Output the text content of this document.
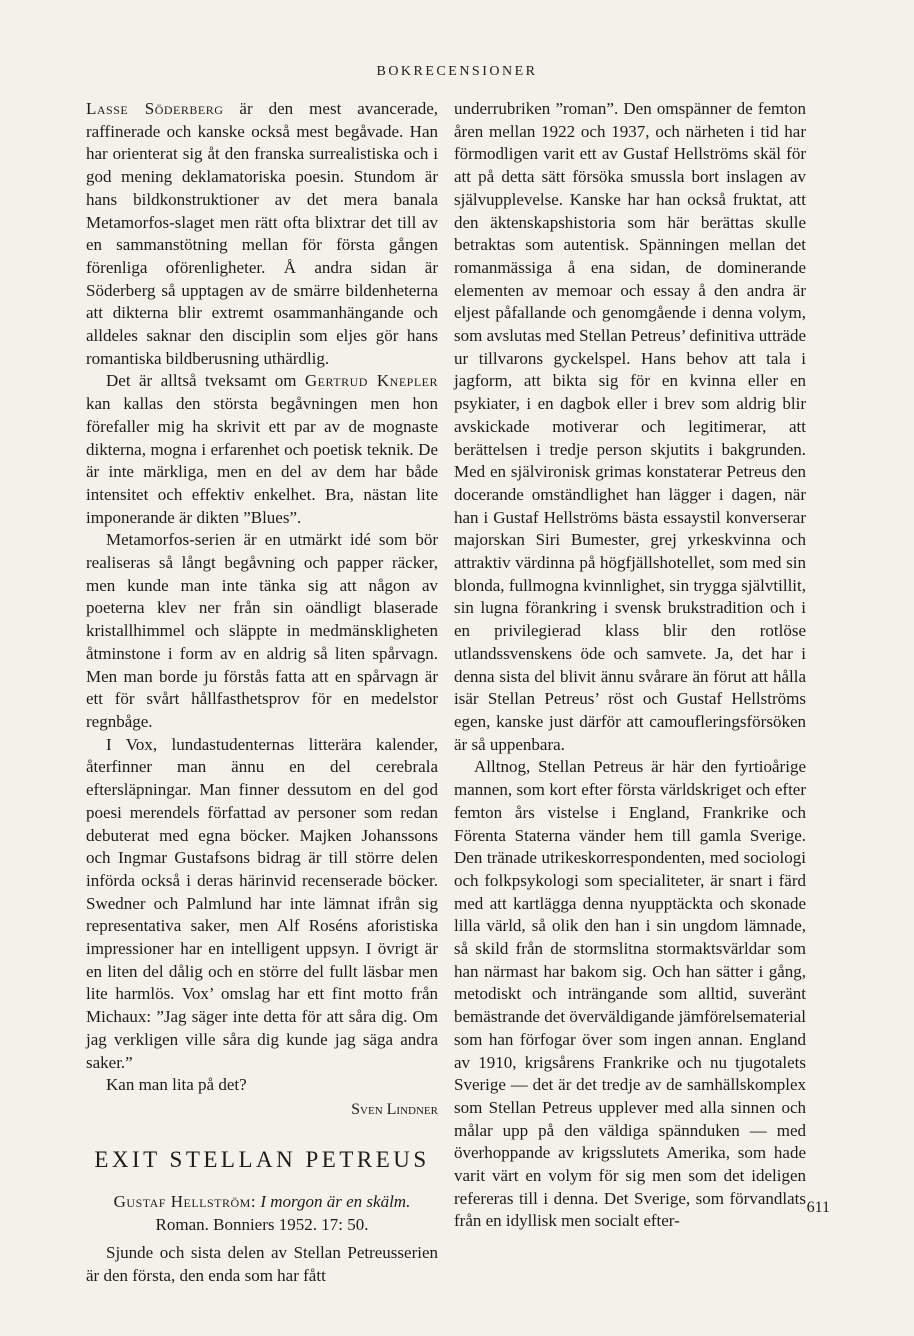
BOKRECENSIONER

Lasse Söderberg är den mest avancerade, raffinerade och kanske också mest begåvade. Han har orienterat sig åt den franska surrealistiska och i god mening deklamatoriska poesin. Stundom är hans bildkonstruktioner av det mera banala Metamorfos-slaget men rätt ofta blixtrar det till av en sammanstötning mellan för första gången förenliga oförenligheter. Å andra sidan är Söderberg så upptagen av de smärre bildenheterna att dikterna blir extremt osammanhängande och alldeles saknar den disciplin som eljes gör hans romantiska bildberusning uthärdlig.

Det är alltså tveksamt om Gertrud Knepler kan kallas den största begåvningen men hon förefaller mig ha skrivit ett par av de mognaste dikterna, mogna i erfarenhet och poetisk teknik. De är inte märkliga, men en del av dem har både intensitet och effektiv enkelhet. Bra, nästan lite imponerande är dikten ”Blues”.

Metamorfos-serien är en utmärkt idé som bör realiseras så långt begåvning och papper räcker, men kunde man inte tänka sig att någon av poeterna klev ner från sin oändligt blaserade kristallhimmel och släppte in medmänskligheten åtminstone i form av en aldrig så liten spårvagn. Men man borde ju förstås fatta att en spårvagn är ett för svårt hållfasthetsprov för en medelstor regnbåge.

I Vox, lundastudenternas litterära kalender, återfinner man ännu en del cerebrala eftersläpningar. Man finner dessutom en del god poesi merendels författad av personer som redan debuterat med egna böcker. Majken Johanssons och Ingmar Gustafsons bidrag är till större delen införda också i deras härinvid recenserade böcker. Swedner och Palmlund har inte lämnat ifrån sig representativa saker, men Alf Roséns aforistiska impressioner har en intelligent uppsyn. I övrigt är en liten del dålig och en större del fullt läsbar men lite harmlös. Vox’ omslag har ett fint motto från Michaux: ”Jag säger inte detta för att såra dig. Om jag verkligen ville såra dig kunde jag säga andra saker.”

Kan man lita på det?

Sven Lindner
EXIT STELLAN PETREUS
Gustaf Hellström: I morgon är en skälm.
Roman. Bonniers 1952. 17: 50.

Sjunde och sista delen av Stellan Petreusserien är den första, den enda som har fått

underrubriken ”roman”. Den omspänner de femton åren mellan 1922 och 1937, och närheten i tid har förmodligen varit ett av Gustaf Hellströms skäl för att på detta sätt försöka smussla bort inslagen av självupplevelse. Kanske har han också fruktat, att den äktenskapshistoria som här berättas skulle betraktas som autentisk. Spänningen mellan det romanmässiga å ena sidan, de dominerande elementen av memoar och essay å den andra är eljest påfallande och genomgående i denna volym, som avslutas med Stellan Petreus’ definitiva utträde ur tillvarons gyckelspel. Hans behov att tala i jagform, att bikta sig för en kvinna eller en psykiater, i en dagbok eller i brev som aldrig blir avskickade motiverar och legitimerar, att berättelsen i tredje person skjutits i bakgrunden. Med en självironisk grimas konstaterar Petreus den docerande omständlighet han lägger i dagen, när han i Gustaf Hellströms bästa essaystil konverserar majorskan Siri Bumester, grej yrkeskvinna och attraktiv värdinna på högfjällshotellet, som med sin blonda, fullmogna kvinnlighet, sin trygga självtillit, sin lugna förankring i svensk brukstradition och i en privilegierad klass blir den rotlöse utlandssvenskens öde och samvete. Ja, det har i denna sista del blivit ännu svårare än förut att hålla isär Stellan Petreus’ röst och Gustaf Hellströms egen, kanske just därför att camoufleringsförsöken är så uppenbara.

Alltnog, Stellan Petreus är här den fyrtioårige mannen, som kort efter första världskriget och efter femton års vistelse i England, Frankrike och Förenta Staterna vänder hem till gamla Sverige. Den tränade utrikeskorrespondenten, med sociologi och folkpsykologi som specialiteter, är snart i färd med att kartlägga denna nyupptäckta och skonade lilla värld, så olik den han i sin ungdom lämnade, så skild från de stormslitna stormaktsvärldar som han närmast har bakom sig. Och han sätter i gång, metodiskt och inträngande som alltid, suveränt bemästrande det överväldigande jämförelsematerial som han förfogar över som ingen annan. England av 1910, krigsårens Frankrike och nu tjugotalets Sverige — det är det tredje av de samhällskomplex som Stellan Petreus upplever med alla sinnen och målar upp på den väldiga spännduken — med överhoppande av krigsslutets Amerika, som hade varit värt en volym för sig men som det ideligen refereras till i denna. Det Sverige, som förvandlats från en idyllisk men socialt efter-

611
